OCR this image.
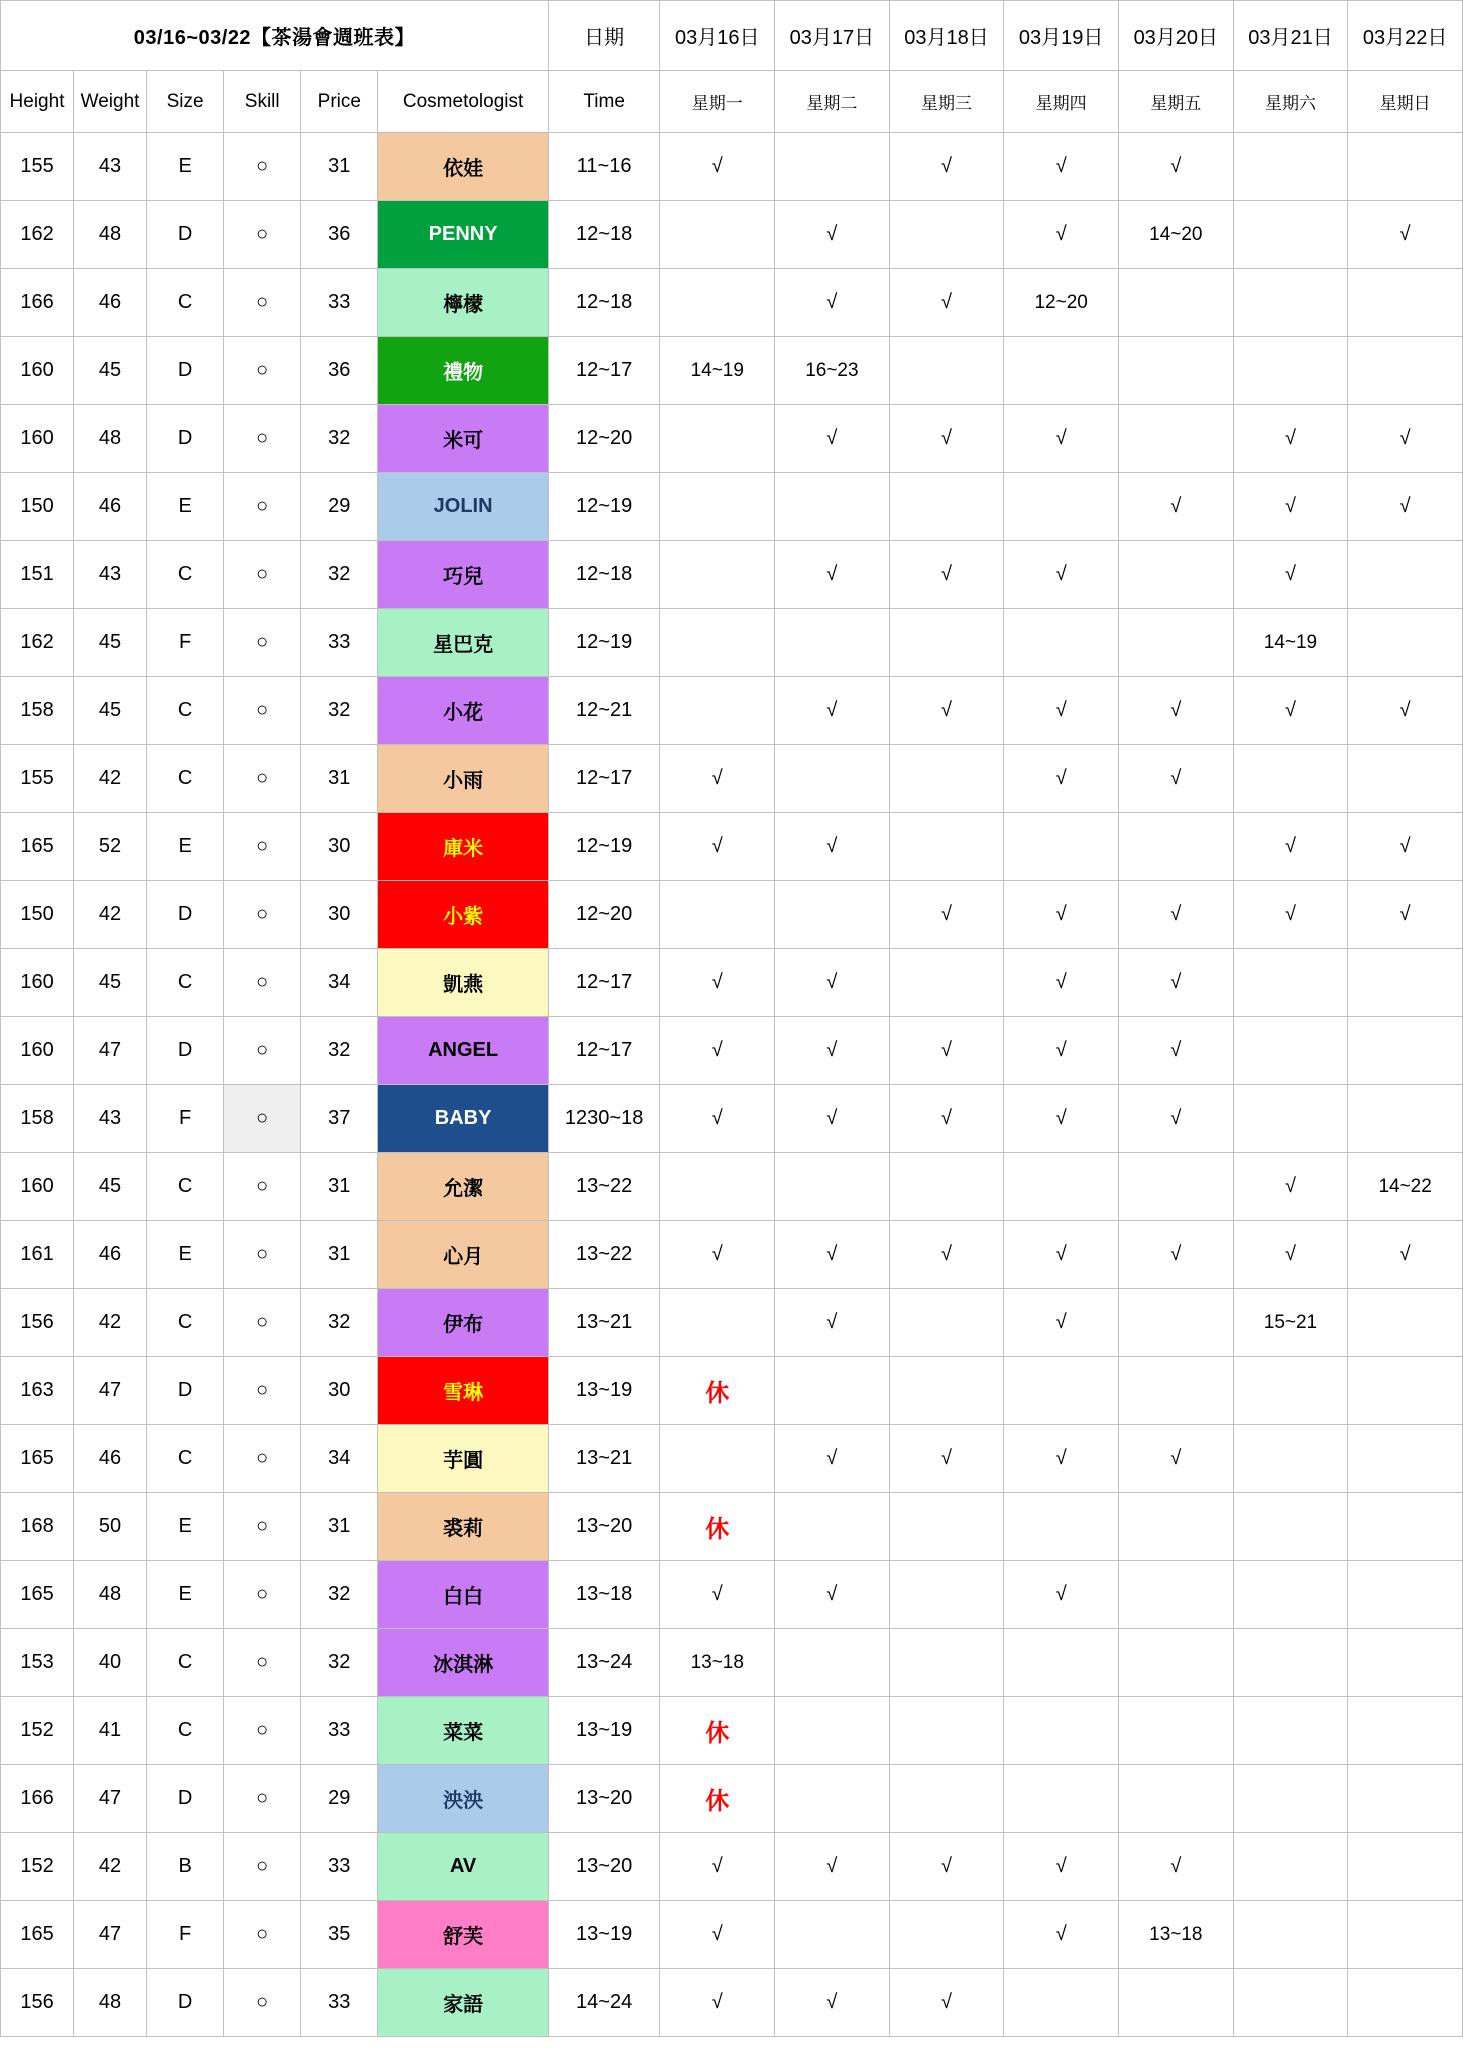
03/16~03/22【茶湯會週班表】						日期	03月16日	03月17日	03月18日	03月19日	03月20日	03月21日	03月22日
Height	Weight	Size	Skill	Price	Cosmetologist	Time	星期一	星期二	星期三	星期四	星期五	星期六	星期日
155	43	E	○	31	依娃	11~16	√		√	√	√		
162	48	D	○	36	PENNY	12~18		√		√	14~20		√
166	46	C	○	33	檸檬	12~18		√	√	12~20			
160	45	D	○	36	禮物	12~17	14~19	16~23					
160	48	D	○	32	米可	12~20		√	√	√		√	√
150	46	E	○	29	JOLIN	12~19					√	√	√
151	43	C	○	32	巧兒	12~18		√	√	√		√	
162	45	F	○	33	星巴克	12~19						14~19	
158	45	C	○	32	小花	12~21		√	√	√	√	√	√
155	42	C	○	31	小雨	12~17	√			√	√		
165	52	E	○	30	庫米	12~19	√	√				√	√
150	42	D	○	30	小紫	12~20			√	√	√	√	√
160	45	C	○	34	凱燕	12~17	√	√		√	√		
160	47	D	○	32	ANGEL	12~17	√	√	√	√	√		
158	43	F	○	37	BABY	1230~18	√	√	√	√	√		
160	45	C	○	31	允潔	13~22						√	14~22
161	46	E	○	31	心月	13~22	√	√	√	√	√	√	√
156	42	C	○	32	伊布	13~21		√		√		15~21	
163	47	D	○	30	雪琳	13~19	休						
165	46	C	○	34	芋圓	13~21		√	√	√	√		
168	50	E	○	31	裘莉	13~20	休						
165	48	E	○	32	白白	13~18	√	√		√			
153	40	C	○	32	冰淇淋	13~24	13~18						
152	41	C	○	33	菜菜	13~19	休						
166	47	D	○	29	泱泱	13~20	休						
152	42	B	○	33	AV	13~20	√	√	√	√	√		
165	47	F	○	35	舒芙	13~19	√			√	13~18		
156	48	D	○	33	家語	14~24	√	√	√				
